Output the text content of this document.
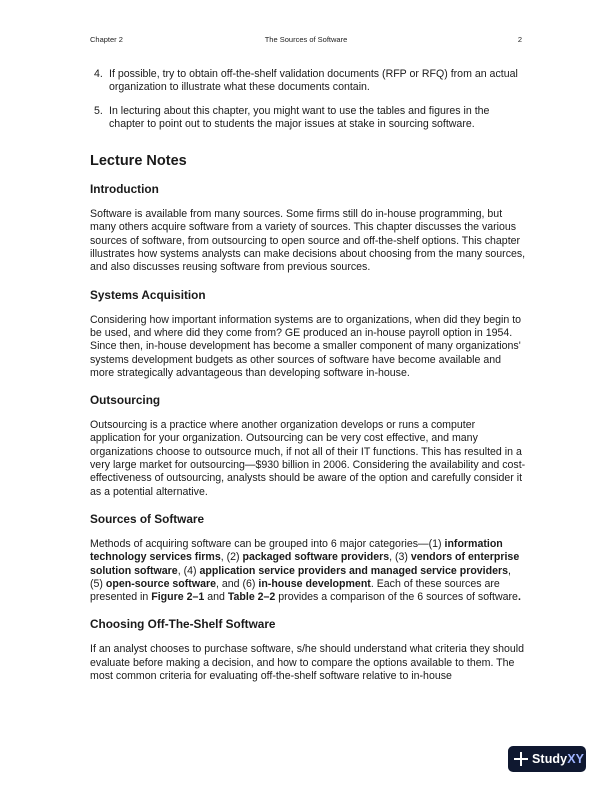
Chapter 2	The Sources of Software	2
4. If possible, try to obtain off-the-shelf validation documents (RFP or RFQ) from an actual organization to illustrate what these documents contain.
5. In lecturing about this chapter, you might want to use the tables and figures in the chapter to point out to students the major issues at stake in sourcing software.
Lecture Notes
Introduction

Software is available from many sources. Some firms still do in-house programming, but many others acquire software from a variety of sources. This chapter discusses the various sources of software, from outsourcing to open source and off-the-shelf options. This chapter illustrates how systems analysts can make decisions about choosing from the many sources, and also discusses reusing software from previous sources.

Systems Acquisition

Considering how important information systems are to organizations, when did they begin to be used, and where did they come from? GE produced an in-house payroll option in 1954. Since then, in-house development has become a smaller component of many organizations' systems development budgets as other sources of software have become available and more strategically advantageous than developing software in-house.

Outsourcing

Outsourcing is a practice where another organization develops or runs a computer application for your organization. Outsourcing can be very cost effective, and many organizations choose to outsource much, if not all of their IT functions. This has resulted in a very large market for outsourcing—$930 billion in 2006. Considering the availability and cost-effectiveness of outsourcing, analysts should be aware of the option and carefully consider it as a potential alternative.

Sources of Software

Methods of acquiring software can be grouped into 6 major categories—(1) information technology services firms, (2) packaged software providers, (3) vendors of enterprise solution software, (4) application service providers and managed service providers, (5) open-source software, and (6) in-house development. Each of these sources are presented in Figure 2–1 and Table 2–2 provides a comparison of the 6 sources of software.

Choosing Off-The-Shelf Software

If an analyst chooses to purchase software, s/he should understand what criteria they should evaluate before making a decision, and how to compare the options available to them. The most common criteria for evaluating off-the-shelf software relative to in-house

StudyXY
